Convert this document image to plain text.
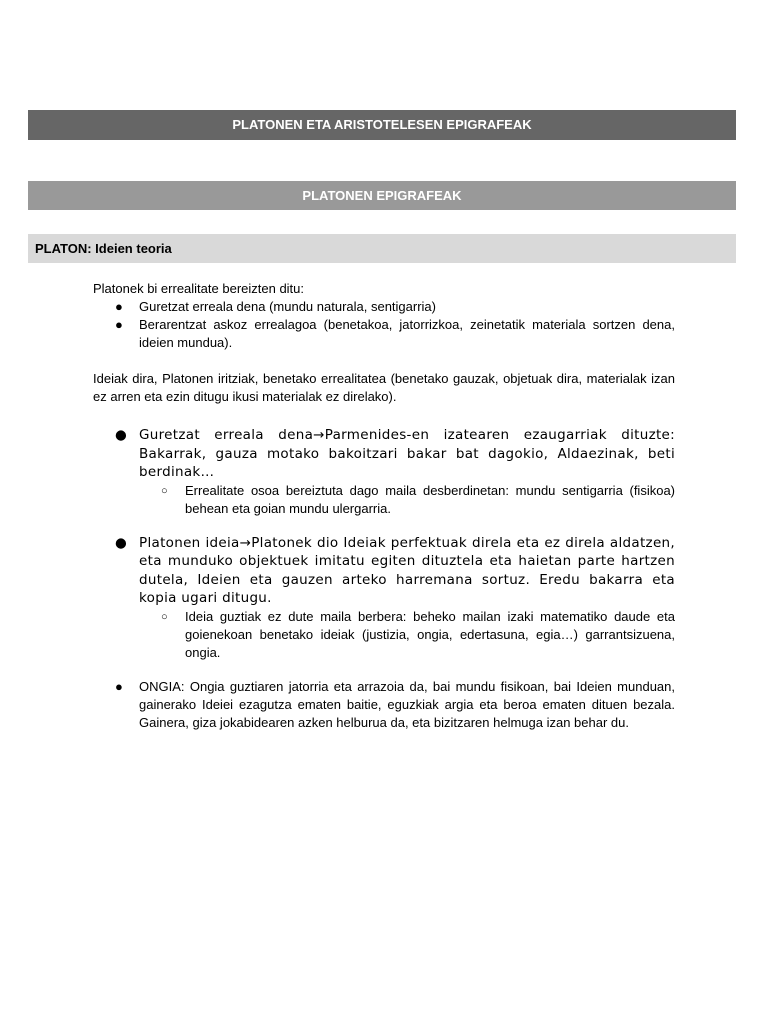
PLATONEN ETA ARISTOTELESEN EPIGRAFEAK
PLATONEN EPIGRAFEAK
PLATON: Ideien teoria

Platonek bi errealitate bereizten ditu:

● Guretzat erreala dena (mundu naturala, sentigarria)
● Berarentzat askoz errealagoa (benetakoa, jatorrizkoa, zeinetatik materiala sortzen dena, ideien mundua).

Ideiak dira, Platonen iritziak, benetako errealitatea (benetako gauzak, objetuak dira, materialak izan ez arren eta ezin ditugu ikusi materialak ez direlako).

● Guretzat erreala dena→Parmenides-en izatearen ezaugarriak dituzte: Bakarrak, gauza motako bakoitzari bakar bat dagokio, Aldaezinak, beti berdinak…
○ Errealitate osoa bereiztuta dago maila desberdinetan: mundu sentigarria (fisikoa) behean eta goian mundu ulergarria.
● Platonen ideia→Platonek dio Ideiak perfektuak direla eta ez direla aldatzen, eta munduko objektuek imitatu egiten dituztela eta haietan parte hartzen dutela, Ideien eta gauzen arteko harremana sortuz. Eredu bakarra eta kopia ugari ditugu.
○ Ideia guztiak ez dute maila berbera: beheko mailan izaki matematiko daude eta goienekoan benetako ideiak (justizia, ongia, edertasuna, egia…) garrantsizuena, ongia.
● ONGIA: Ongia guztiaren jatorria eta arrazoia da, bai mundu fisikoan, bai Ideien munduan, gainerako Ideiei ezagutza ematen baitie, eguzkiak argia eta beroa ematen dituen bezala. Gainera, giza jokabidearen azken helburua da, eta bizitzaren helmuga izan behar du.
